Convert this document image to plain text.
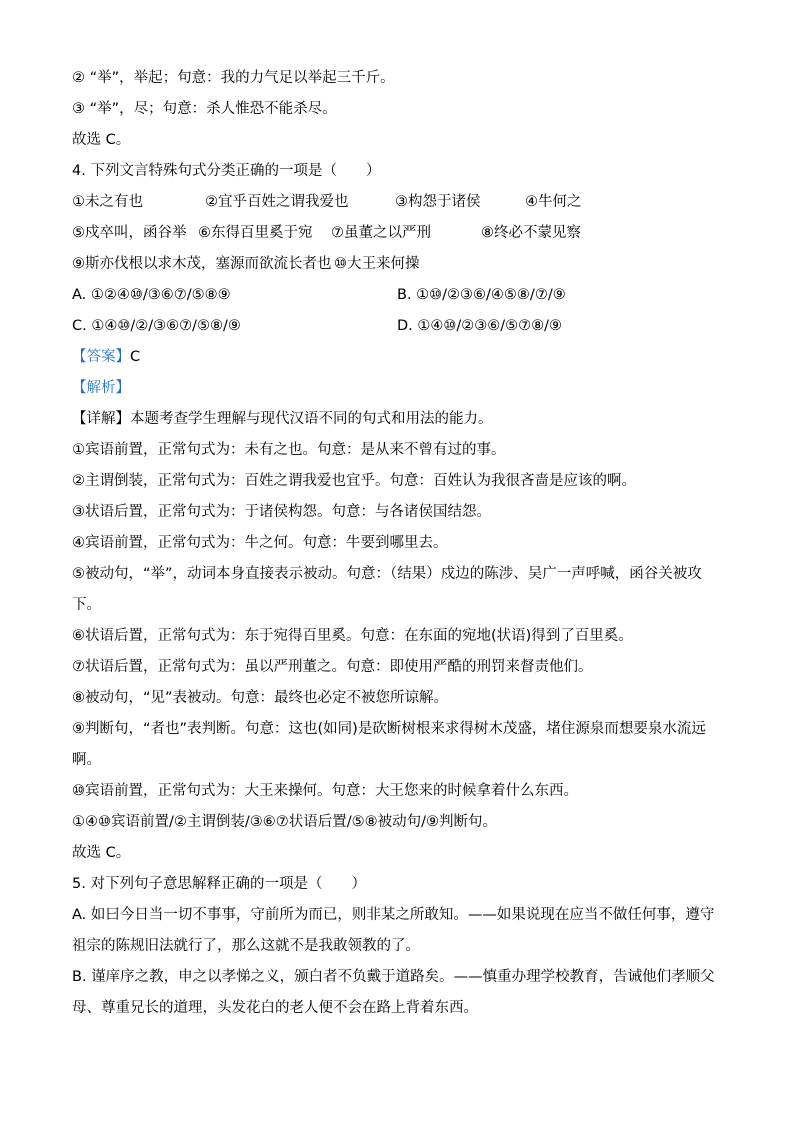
② “举”，举起；句意：我的力气足以举起三千斤。
③ “举”，尽；句意：杀人惟恐不能杀尽。
故选 C。
4. 下列文言特殊句式分类正确的一项是（　　）
①未之有也	②宜乎百姓之谓我爱也	③构怨于诸侯	④牛何之
⑤戍卒叫，函谷举 ⑥东得百里奚于宛	⑦虽董之以严刑	⑧终必不蒙见察
⑨斯亦伐根以求木茂，塞源而欲流长者也 ⑩大王来何操
A. ①②④⑩/③⑥⑦/⑤⑧⑨	B. ①⑩/②③⑥/④⑤⑧/⑦/⑨
C. ①④⑩/②/③⑥⑦/⑤⑧/⑨	D. ①④⑩/②③⑥/⑤⑦⑧/⑨
【答案】C
【解析】
【详解】本题考查学生理解与现代汉语不同的句式和用法的能力。
①宾语前置，正常句式为：未有之也。句意：是从来不曾有过的事。
②主谓倒装，正常句式为：百姓之谓我爱也宜乎。句意：百姓认为我很吝啬是应该的啊。
③状语后置，正常句式为：于诸侯构怨。句意：与各诸侯国结怨。
④宾语前置，正常句式为：牛之何。句意：牛要到哪里去。
⑤被动句，“举”，动词本身直接表示被动。句意：（结果）戍边的陈涉、吴广一声呼喊，函谷关被攻下。
⑥状语后置，正常句式为：东于宛得百里奚。句意：在东面的宛地(状语)得到了百里奚。
⑦状语后置，正常句式为：虽以严刑董之。句意：即使用严酷的刑罚来督责他们。
⑧被动句，“见”表被动。句意：最终也必定不被您所谅解。
⑨判断句，“者也”表判断。句意：这也(如同)是砍断树根来求得树木茂盛，堵住源泉而想要泉水流远啊。
⑩宾语前置，正常句式为：大王来操何。句意：大王您来的时候拿着什么东西。
①④⑩宾语前置/②主谓倒装/③⑥⑦状语后置/⑤⑧被动句/⑨判断句。
故选 C。
5. 对下列句子意思解释正确的一项是（　　）
A. 如曰今日当一切不事事，守前所为而已，则非某之所敢知。——如果说现在应当不做任何事，遵守祖宗的陈规旧法就行了，那么这就不是我敢领教的了。
B. 谨庠序之教，申之以孝悌之义，颁白者不负戴于道路矣。——慎重办理学校教育，告诫他们孝顺父母、尊重兄长的道理，头发花白的老人便不会在路上背着东西。
